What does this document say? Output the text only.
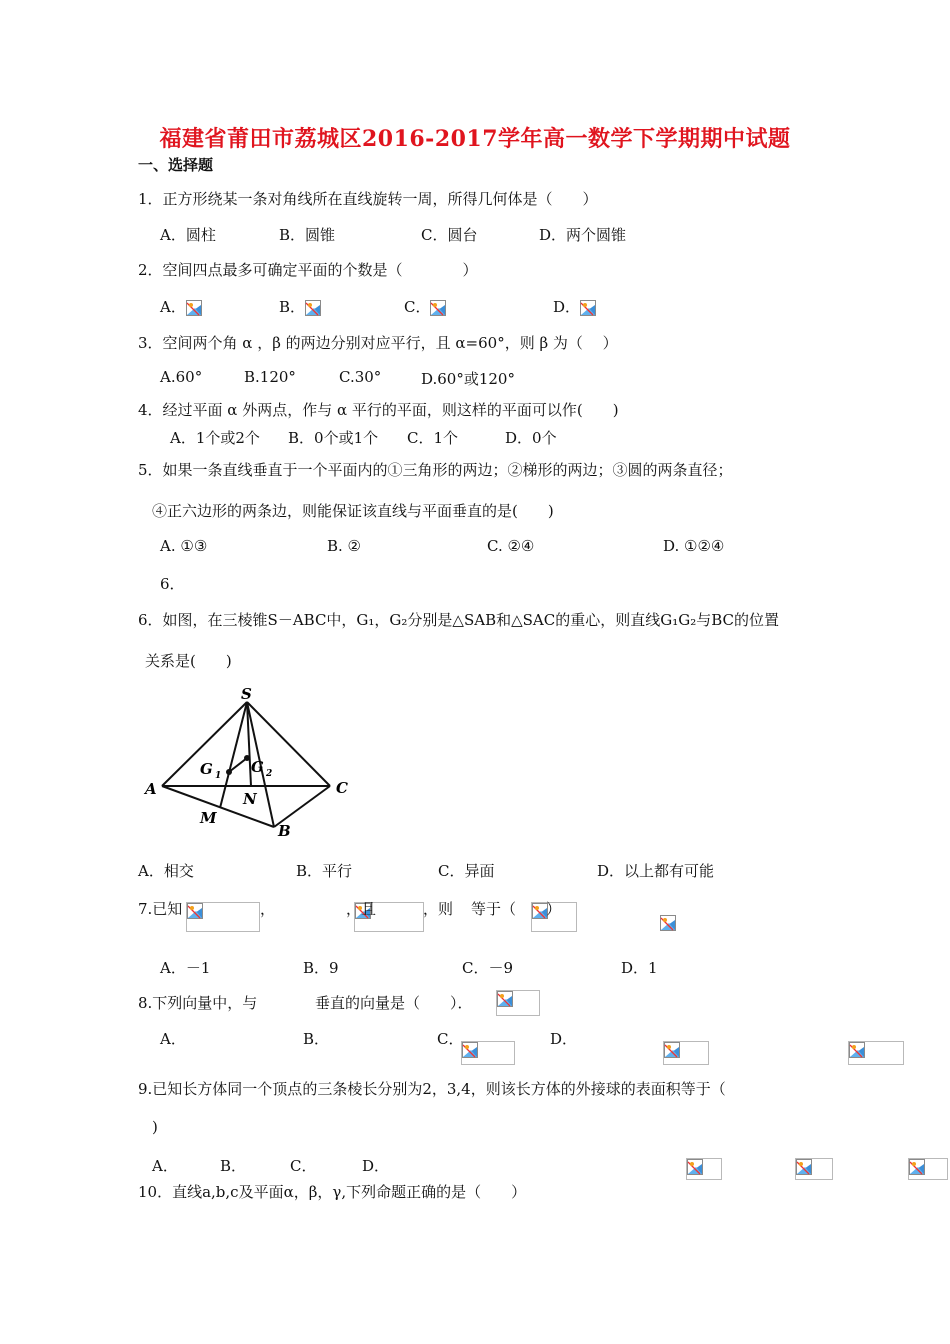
福建省莆田市荔城区2016-2017学年高一数学下学期期中试题
一、选择题
1．正方形绕某一条对角线所在直线旋转一周，所得几何体是（　　）
A．圆柱	B．圆锥	C．圆台	D．两个圆锥
2．空间四点最多可确定平面的个数是（　　　　）
A．	B．	C．	D．
3．空间两个角 α ，β 的两边分别对应平行，且 α=60°，则 β 为（　 ）
A.60°	B.120°	C.30°	D.60°或120°
4．经过平面 α 外两点，作与 α 平行的平面，则这样的平面可以作(　　)
A．1个或2个 B．0个或1个 C．1个	D．0个
5．如果一条直线垂直于一个平面内的①三角形的两边；②梯形的两边；③圆的两条直径；
④正六边形的两条边，则能保证该直线与平面垂直的是(　　)
A. ①③	B. ②	C. ②④	D. ①②④
6．
6．如图，在三棱锥S－ABC中，G₁，G₂分别是△SAB和△SAC的重心，则直线G₁G₂与BC的位置
关系是(　　)
S
A	C
B
M
N
G 1 G 2
A．相交	B．平行	C．异面	D．以上都有可能
7.已知
	，
	，且
	，则
等于（　　）
A．－1	B．9	C．－9	D．1
8.下列向量中，与
	垂直的向量是（　　）．
A．
	B．
	C．
	D．

9.已知长方体同一个顶点的三条棱长分别为2，3,4，则该长方体的外接球的表面积等于（
)
A．
	B．
	C．
	D．
10．直线a,b,c及平面α，β，γ,下列命题正确的是（　　）
